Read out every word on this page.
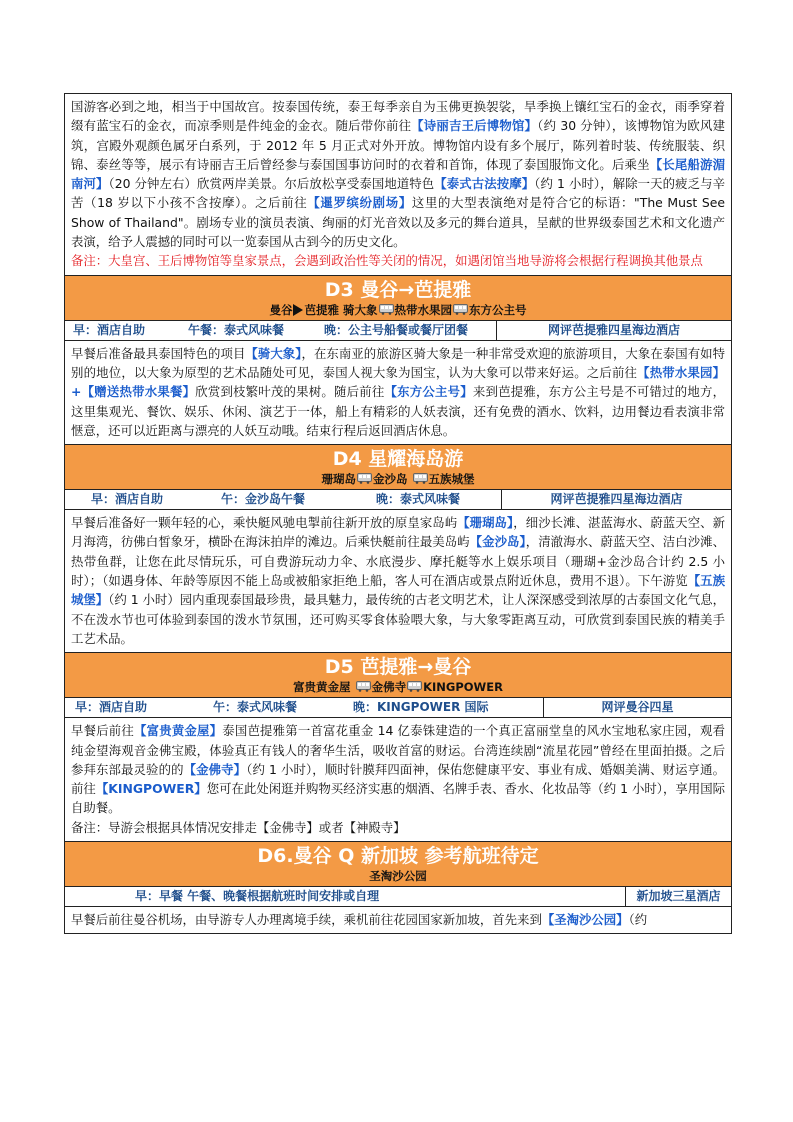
国游客必到之地，相当于中国故宫。按泰国传统，泰王每季亲自为玉佛更换袈裟，旱季换上镶红宝石的金衣，雨季穿着缀有蓝宝石的金衣，而凉季则是件纯金的金衣。随后带你前往【诗丽吉王后博物馆】（约 30 分钟），该博物馆为欧风建筑，宫殿外观颜色属牙白系列，于 2012 年 5 月正式对外开放。博物馆内设有多个展厅，陈列着时装、传统服装、织锦、泰丝等等，展示有诗丽吉王后曾经参与泰国国事访问时的衣着和首饰，体现了泰国服饰文化。后乘坐【长尾船游湄南河】（20 分钟左右）欣赏两岸美景。尔后放松享受泰国地道特色【泰式古法按摩】（约 1 小时），解除一天的疲乏与辛苦（18 岁以下小孩不含按摩）。之后前往【暹罗缤纷剧场】这里的大型表演绝对是符合它的标语："The Must See Show of Thailand"。剧场专业的演员表演、绚丽的灯光音效以及多元的舞台道具，呈献的世界级泰国艺术和文化遗产表演，给予人震撼的同时可以一览泰国从古到今的历史文化。
备注：大皇宫、王后博物馆等皇家景点，会遇到政治性等关闭的情况，如遇闭馆当地导游将会根据行程调换其他景点
D3 曼谷→芭提雅
曼谷 芭提雅 骑大象 热带水果园 东方公主号
早：酒店自助	午餐：泰式风味餐	晚：公主号船餐或餐厅团餐	网评芭提雅四星海边酒店
早餐后准备最具泰国特色的项目【骑大象】，在东南亚的旅游区骑大象是一种非常受欢迎的旅游项目，大象在泰国有如特别的地位，以大象为原型的艺术品随处可见，泰国人视大象为国宝，认为大象可以带来好运。之后前往【热带水果园】+【赠送热带水果餐】欣赏到枝繁叶茂的果树。随后前往【东方公主号】来到芭提雅，东方公主号是不可错过的地方，这里集观光、餐饮、娱乐、休闲、演艺于一体，船上有精彩的人妖表演，还有免费的酒水、饮料，边用餐边看表演非常惬意，还可以近距离与漂亮的人妖互动哦。结束行程后返回酒店休息。
D4 星耀海岛游
珊瑚岛 金沙岛 五族城堡
早：酒店自助	午：金沙岛午餐	晚：泰式风味餐	网评芭提雅四星海边酒店
早餐后准备好一颗年轻的心，乘快艇风驰电掣前往新开放的原皇家岛屿【珊瑚岛】，细沙长滩、湛蓝海水、蔚蓝天空、新月海湾，彷佛白皙象牙，横卧在海沫拍岸的滩边。后乘快艇前往最美岛屿【金沙岛】，清澈海水、蔚蓝天空、洁白沙滩、热带鱼群，让您在此尽情玩乐，可自费游玩动力伞、水底漫步、摩托艇等水上娱乐项目（珊瑚+金沙岛合计约 2.5 小时）；（如遇身体、年龄等原因不能上岛或被船家拒绝上船，客人可在酒店或景点附近休息，费用不退）。下午游览【五族城堡】（约 1 小时）园内重现泰国最珍贵，最具魅力，最传统的古老文明艺术，让人深深感受到浓厚的古泰国文化气息，不在泼水节也可体验到泰国的泼水节氛围，还可购买零食体验喂大象，与大象零距离互动，可欣赏到泰国民族的精美手工艺术品。
D5 芭提雅→曼谷
富贵黄金屋 金佛寺 KINGPOWER
早：酒店自助	午：泰式风味餐	晚：KINGPOWER 国际	网评曼谷四星
早餐后前往【富贵黄金屋】泰国芭提雅第一首富花重金 14 亿泰铢建造的一个真正富丽堂皇的风水宝地私家庄园，观看纯金望海观音金佛宝殿，体验真正有钱人的奢华生活，吸收首富的财运。台湾连续剧“流星花园”曾经在里面拍摄。之后参拜东部最灵验的的【金佛寺】（约 1 小时），顺时针膜拜四面神，保佑您健康平安、事业有成、婚姻美满、财运亨通。前往【KINGPOWER】您可在此处闲逛并购物买经济实惠的烟酒、名牌手表、香水、化妆品等（约 1 小时），享用国际自助餐。
备注：导游会根据具体情况安排走【金佛寺】或者【神殿寺】
D6.曼谷 Q 新加坡 参考航班待定
圣淘沙公园
早：早餐 午餐、晚餐根据航班时间安排或自理	新加坡三星酒店
早餐后前往曼谷机场，由导游专人办理离境手续，乘机前往花园国家新加坡，首先来到【圣淘沙公园】（约
